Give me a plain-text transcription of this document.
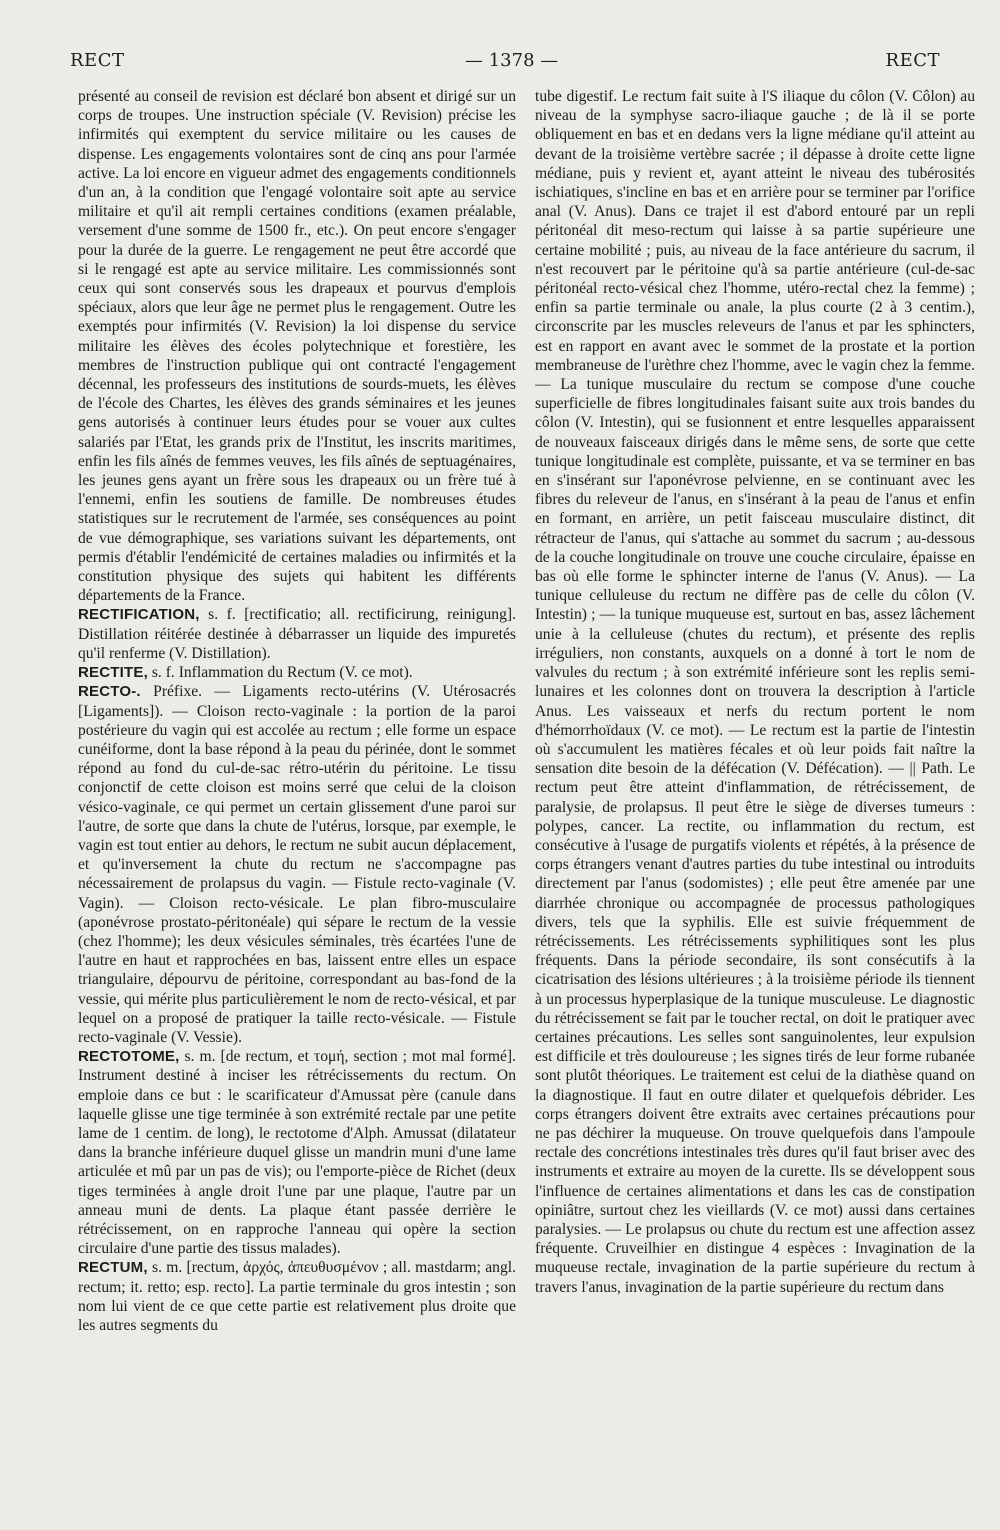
RECT	— 1378 —	RECT

présenté au conseil de revision est déclaré bon absent et dirigé sur un corps de troupes. Une instruction spéciale (V. Revision) précise les infirmités qui exemptent du service militaire ou les causes de dispense. Les engagements volontaires sont de cinq ans pour l'armée active. La loi encore en vigueur admet des engagements conditionnels d'un an, à la condition que l'engagé volontaire soit apte au service militaire et qu'il ait rempli certaines conditions (examen préalable, versement d'une somme de 1500 fr., etc.). On peut encore s'engager pour la durée de la guerre. Le rengagement ne peut être accordé que si le rengagé est apte au service militaire. Les commissionnés sont ceux qui sont conservés sous les drapeaux et pourvus d'emplois spéciaux, alors que leur âge ne permet plus le rengagement. Outre les exemptés pour infirmités (V. Revision) la loi dispense du service militaire les élèves des écoles polytechnique et forestière, les membres de l'instruction publique qui ont contracté l'engagement décennal, les professeurs des institutions de sourds-muets, les élèves de l'école des Chartes, les élèves des grands séminaires et les jeunes gens autorisés à continuer leurs études pour se vouer aux cultes salariés par l'Etat, les grands prix de l'Institut, les inscrits maritimes, enfin les fils aînés de femmes veuves, les fils aînés de septuagénaires, les jeunes gens ayant un frère sous les drapeaux ou un frère tué à l'ennemi, enfin les soutiens de famille. De nombreuses études statistiques sur le recrutement de l'armée, ses conséquences au point de vue démographique, ses variations suivant les départements, ont permis d'établir l'endémicité de certaines maladies ou infirmités et la constitution physique des sujets qui habitent les différents départements de la France.

RECTIFICATION, s. f. [rectificatio; all. rectificirung, reinigung]. Distillation réitérée destinée à débarrasser un liquide des impuretés qu'il renferme (V. Distillation).

RECTITE, s. f. Inflammation du Rectum (V. ce mot).

RECTO-. Préfixe. — Ligaments recto-utérins (V. Utérosacrés [Ligaments]). — Cloison recto-vaginale : la portion de la paroi postérieure du vagin qui est accolée au rectum ; elle forme un espace cunéiforme, dont la base répond à la peau du périnée, dont le sommet répond au fond du cul-de-sac rétro-utérin du péritoine. Le tissu conjonctif de cette cloison est moins serré que celui de la cloison vésico-vaginale, ce qui permet un certain glissement d'une paroi sur l'autre, de sorte que dans la chute de l'utérus, lorsque, par exemple, le vagin est tout entier au dehors, le rectum ne subit aucun déplacement, et qu'inversement la chute du rectum ne s'accompagne pas nécessairement de prolapsus du vagin. — Fistule recto-vaginale (V. Vagin). — Cloison recto-vésicale. Le plan fibro-musculaire (aponévrose prostato-péritonéale) qui sépare le rectum de la vessie (chez l'homme); les deux vésicules séminales, très écartées l'une de l'autre en haut et rapprochées en bas, laissent entre elles un espace triangulaire, dépourvu de péritoine, correspondant au bas-fond de la vessie, qui mérite plus particulièrement le nom de recto-vésical, et par lequel on a proposé de pratiquer la taille recto-vésicale. — Fistule recto-vaginale (V. Vessie).

RECTOTOME, s. m. [de rectum, et τομή, section ; mot mal formé]. Instrument destiné à inciser les rétrécissements du rectum. On emploie dans ce but : le scarificateur d'Amussat père (canule dans laquelle glisse une tige terminée à son extrémité rectale par une petite lame de 1 centim. de long), le rectotome d'Alph. Amussat (dilatateur dans la branche inférieure duquel glisse un mandrin muni d'une lame articulée et mû par un pas de vis); ou l'emporte-pièce de Richet (deux tiges terminées à angle droit l'une par une plaque, l'autre par un anneau muni de dents. La plaque étant passée derrière le rétrécissement, on en rapproche l'anneau qui opère la section circulaire d'une partie des tissus malades).

RECTUM, s. m. [rectum, ἀρχός, ἀπευθυσμένον ; all. mastdarm; angl. rectum; it. retto; esp. recto]. La partie terminale du gros intestin ; son nom lui vient de ce que cette partie est relativement plus droite que les autres segments du

tube digestif. Le rectum fait suite à l'S iliaque du côlon (V. Côlon) au niveau de la symphyse sacro-iliaque gauche ; de là il se porte obliquement en bas et en dedans vers la ligne médiane qu'il atteint au devant de la troisième vertèbre sacrée ; il dépasse à droite cette ligne médiane, puis y revient et, ayant atteint le niveau des tubérosités ischiatiques, s'incline en bas et en arrière pour se terminer par l'orifice anal (V. Anus). Dans ce trajet il est d'abord entouré par un repli péritonéal dit meso-rectum qui laisse à sa partie supérieure une certaine mobilité ; puis, au niveau de la face antérieure du sacrum, il n'est recouvert par le péritoine qu'à sa partie antérieure (cul-de-sac péritonéal recto-vésical chez l'homme, utéro-rectal chez la femme) ; enfin sa partie terminale ou anale, la plus courte (2 à 3 centim.), circonscrite par les muscles releveurs de l'anus et par les sphincters, est en rapport en avant avec le sommet de la prostate et la portion membraneuse de l'urèthre chez l'homme, avec le vagin chez la femme. — La tunique musculaire du rectum se compose d'une couche superficielle de fibres longitudinales faisant suite aux trois bandes du côlon (V. Intestin), qui se fusionnent et entre lesquelles apparaissent de nouveaux faisceaux dirigés dans le même sens, de sorte que cette tunique longitudinale est complète, puissante, et va se terminer en bas en s'insérant sur l'aponévrose pelvienne, en se continuant avec les fibres du releveur de l'anus, en s'insérant à la peau de l'anus et enfin en formant, en arrière, un petit faisceau musculaire distinct, dit rétracteur de l'anus, qui s'attache au sommet du sacrum ; au-dessous de la couche longitudinale on trouve une couche circulaire, épaisse en bas où elle forme le sphincter interne de l'anus (V. Anus). — La tunique celluleuse du rectum ne diffère pas de celle du côlon (V. Intestin) ; — la tunique muqueuse est, surtout en bas, assez lâchement unie à la celluleuse (chutes du rectum), et présente des replis irréguliers, non constants, auxquels on a donné à tort le nom de valvules du rectum ; à son extrémité inférieure sont les replis semi-lunaires et les colonnes dont on trouvera la description à l'article Anus. Les vaisseaux et nerfs du rectum portent le nom d'hémorrhoïdaux (V. ce mot). — Le rectum est la partie de l'intestin où s'accumulent les matières fécales et où leur poids fait naître la sensation dite besoin de la défécation (V. Défécation). — || Path. Le rectum peut être atteint d'inflammation, de rétrécissement, de paralysie, de prolapsus. Il peut être le siège de diverses tumeurs : polypes, cancer. La rectite, ou inflammation du rectum, est consécutive à l'usage de purgatifs violents et répétés, à la présence de corps étrangers venant d'autres parties du tube intestinal ou introduits directement par l'anus (sodomistes) ; elle peut être amenée par une diarrhée chronique ou accompagnée de processus pathologiques divers, tels que la syphilis. Elle est suivie fréquemment de rétrécissements. Les rétrécissements syphilitiques sont les plus fréquents. Dans la période secondaire, ils sont consécutifs à la cicatrisation des lésions ultérieures ; à la troisième période ils tiennent à un processus hyperplasique de la tunique musculeuse. Le diagnostic du rétrécissement se fait par le toucher rectal, on doit le pratiquer avec certaines précautions. Les selles sont sanguinolentes, leur expulsion est difficile et très douloureuse ; les signes tirés de leur forme rubanée sont plutôt théoriques. Le traitement est celui de la diathèse quand on la diagnostique. Il faut en outre dilater et quelquefois débrider. Les corps étrangers doivent être extraits avec certaines précautions pour ne pas déchirer la muqueuse. On trouve quelquefois dans l'ampoule rectale des concrétions intestinales très dures qu'il faut briser avec des instruments et extraire au moyen de la curette. Ils se développent sous l'influence de certaines alimentations et dans les cas de constipation opiniâtre, surtout chez les vieillards (V. ce mot) aussi dans certaines paralysies. — Le prolapsus ou chute du rectum est une affection assez fréquente. Cruveilhier en distingue 4 espèces : Invagination de la muqueuse rectale, invagination de la partie supérieure du rectum à travers l'anus, invagination de la partie supérieure du rectum dans
